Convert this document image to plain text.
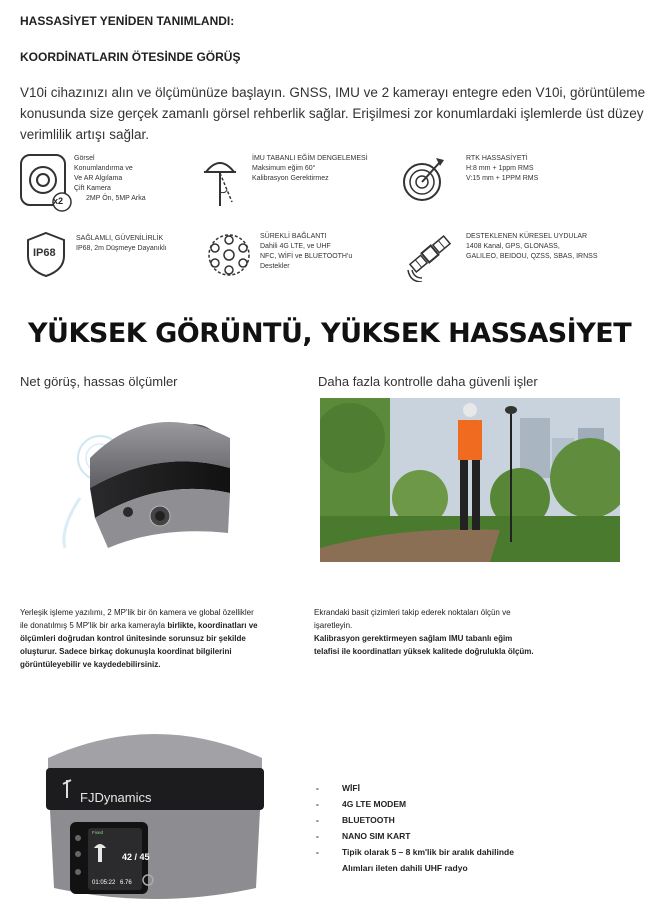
HASSASİYET YENİDEN TANIMLANDI:
KOORDİNATLARIN ÖTESİNDE GÖRÜŞ
V10i cihazınızı alın ve ölçümünüze başlayın. GNSS, IMU ve 2 kamerayı entegre eden V10i, görüntüleme konusunda size gerçek zamanlı görsel rehberlik sağlar. Erişilmesi zor konumlardaki işlemlerde üst düzey verimlilik artışı sağlar.
x2
Görsel
Konumlandırma ve
Ve AR Algılama
Çift Kamera
2MP Ön, 5MP Arka
İMU TABANLI EĞİM DENGELEMESİ
Maksimum eğim 60°
Kalibrasyon Gerektirmez
RTK HASSASİYETİ
H:8 mm + 1ppm RMS
V:15 mm + 1PPM RMS
IP68
SAĞLAMLI, GÜVENİLİRLİK
IP68, 2m Düşmeye Dayanıklı
SÜREKLİ BAĞLANTI
Dahili 4G LTE, ve UHF
NFC, WİFİ ve BLUETOOTH'u
Destekler
DESTEKLENEN KÜRESEL UYDULAR
1408 Kanal, GPS, GLONASS,
GALILEO, BEIDOU, QZSS, SBAS, IRNSS
YÜKSEK GÖRÜNTÜ, YÜKSEK HASSASİYET
Net görüş, hassas ölçümler	Daha fazla kontrolle daha güvenli işler
Yerleşik işleme yazılımı, 2 MP'lik bir ön kamera ve global özellikler ile donatılmış 5 MP'lik bir arka kamerayla birlikte, koordinatları ve ölçümleri doğrudan kontrol ünitesinde sorunsuz bir şekilde oluşturur. Sadece birkaç dokunuşla koordinat bilgilerini görüntüleyebilir ve kaydedebilirsiniz.
Ekrandaki basit çizimleri takip ederek noktaları ölçün ve işaretleyin.
Kalibrasyon gerektirmeyen sağlam IMU tabanlı eğim telafisi ile koordinatları yüksek kalitede doğrulukla ölçüm.
FJDynamics
42 / 45
Fixed
01:05:22 6.76
- WİFİ
- 4G LTE MODEM
- BLUETOOTH
- NANO SIM KART
- Tipik olarak 5 – 8 km'lik bir aralık dahilinde Alımları ileten dahili UHF radyo
